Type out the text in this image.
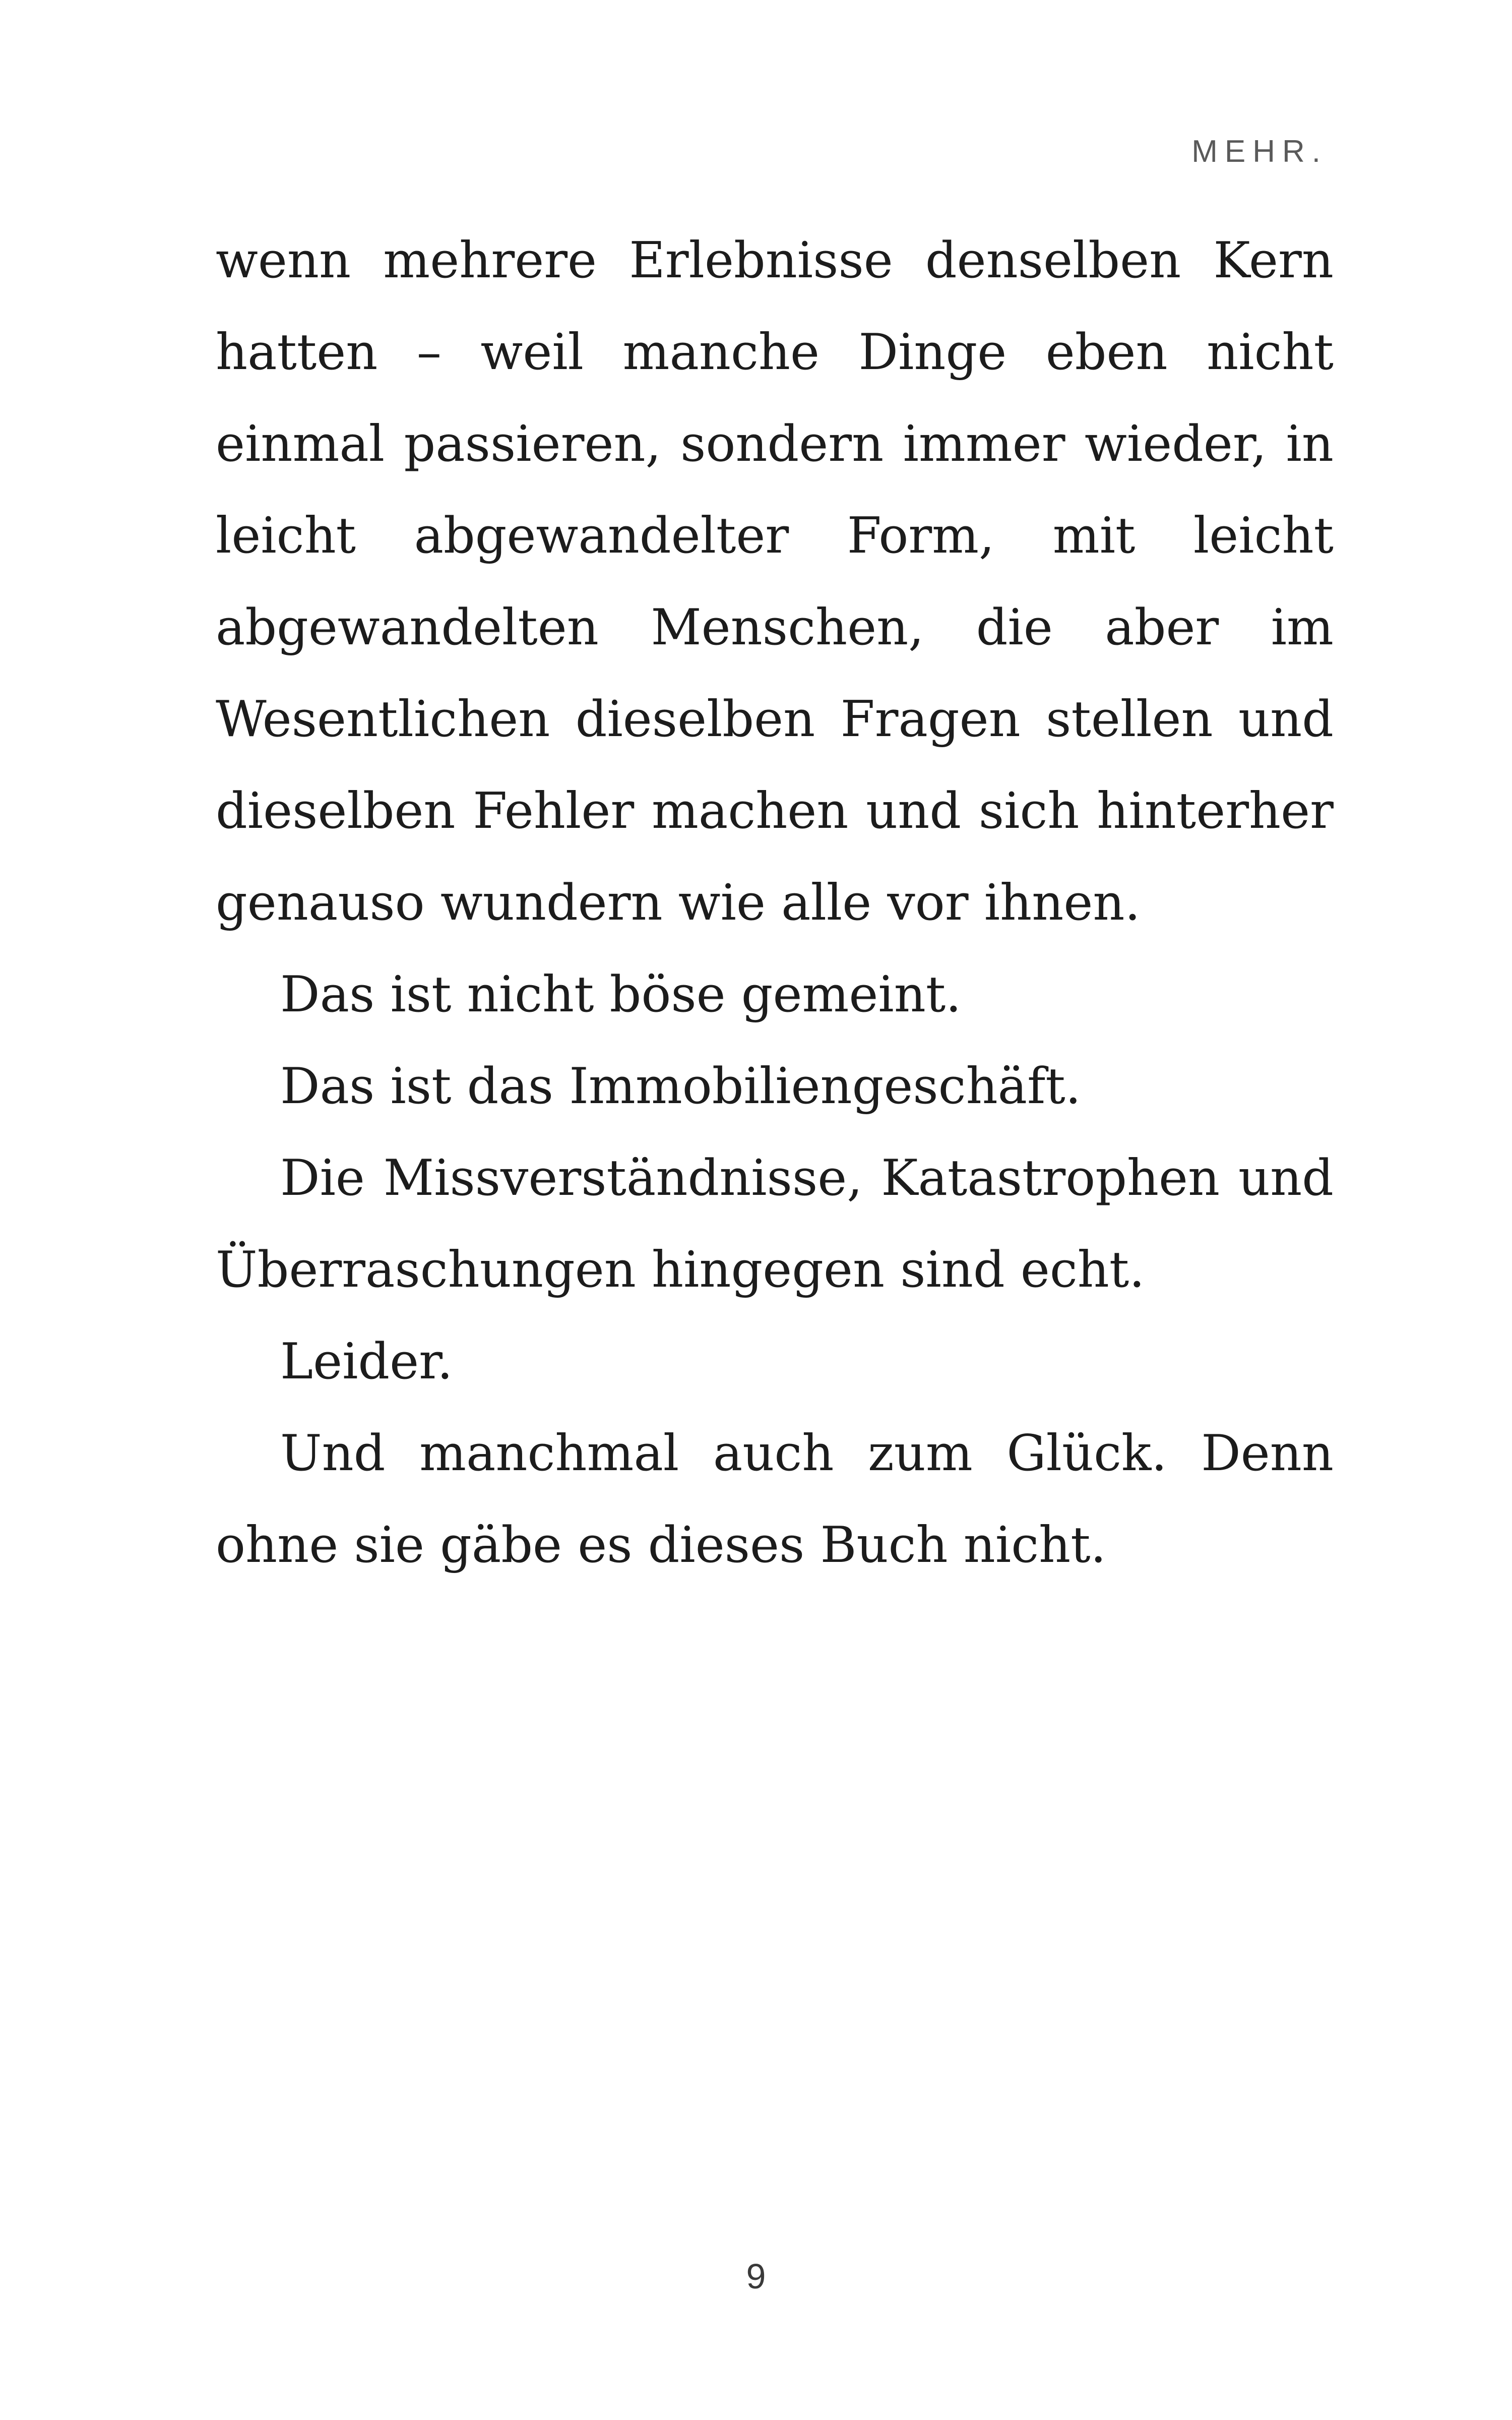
MEHR.

wenn mehrere Erlebnisse denselben Kern hatten – weil manche Dinge eben nicht einmal passieren, sondern immer wieder, in leicht abgewandelter Form, mit leicht abgewandelten Menschen, die aber im Wesentlichen dieselben Fragen stellen und dieselben Fehler machen und sich hinterher genauso wundern wie alle vor ihnen.

Das ist nicht böse gemeint.

Das ist das Immobiliengeschäft.

Die Missverständnisse, Katastrophen und Überraschungen hingegen sind echt.

Leider.

Und manchmal auch zum Glück. Denn ohne sie gäbe es dieses Buch nicht.

9
